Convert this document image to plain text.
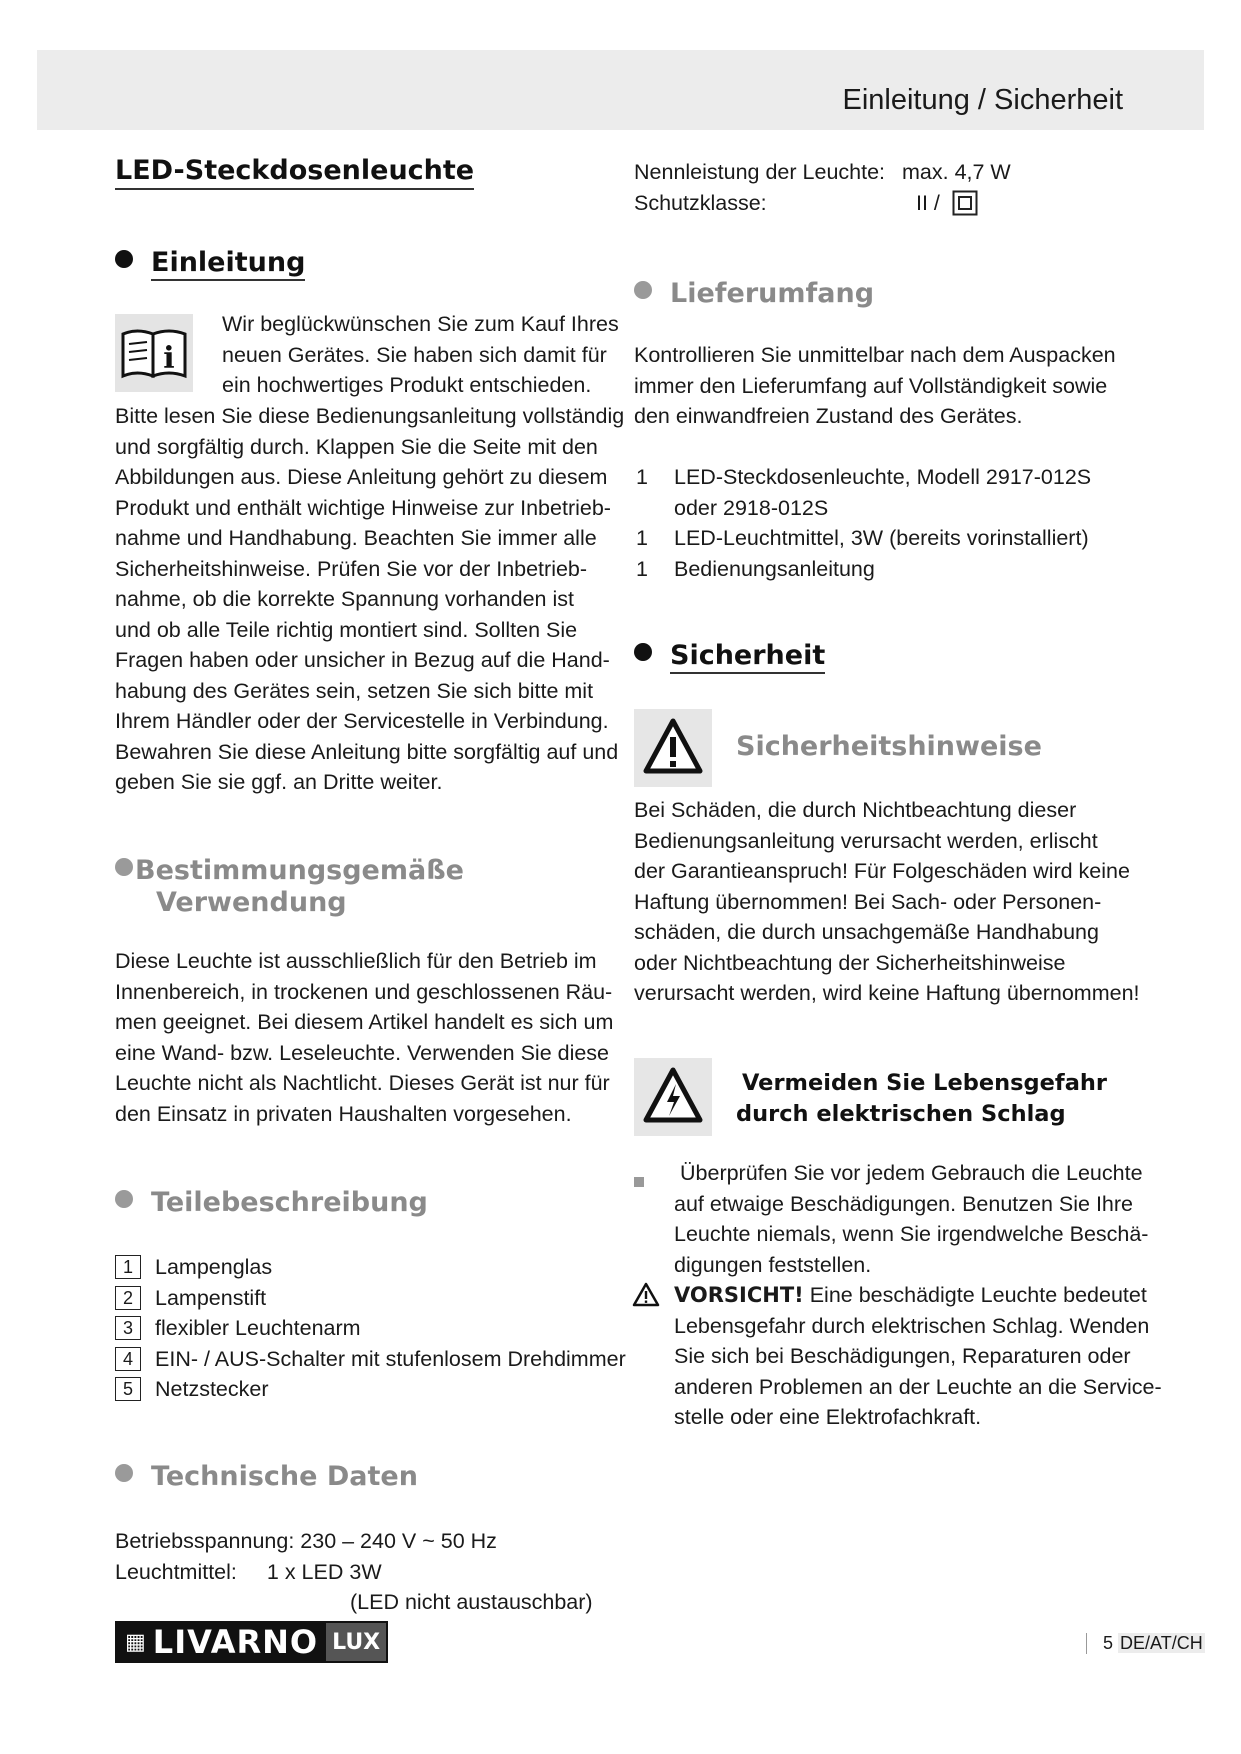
Einleitung / Sicherheit
LED-Steckdosenleuchte
Einleitung
i

Wir beglückwünschen Sie zum Kauf Ihres

neuen Gerätes. Sie haben sich damit für

ein hochwertiges Produkt entschieden.

Bitte lesen Sie diese Bedienungsanleitung vollständig

und sorgfältig durch. Klappen Sie die Seite mit den

Abbildungen aus. Diese Anleitung gehört zu diesem

Produkt und enthält wichtige Hinweise zur Inbetrieb-

nahme und Handhabung. Beachten Sie immer alle

Sicherheitshinweise. Prüfen Sie vor der Inbetrieb-

nahme, ob die korrekte Spannung vorhanden ist

und ob alle Teile richtig montiert sind. Sollten Sie

Fragen haben oder unsicher in Bezug auf die Hand-

habung des Gerätes sein, setzen Sie sich bitte mit

Ihrem Händler oder der Servicestelle in Verbindung.

Bewahren Sie diese Anleitung bitte sorgfältig auf und

geben Sie sie ggf. an Dritte weiter.

Bestimmungsgemäße
Verwendung

Diese Leuchte ist ausschließlich für den Betrieb im

Innenbereich, in trockenen und geschlossenen Räu-

men geeignet. Bei diesem Artikel handelt es sich um

eine Wand- bzw. Leseleuchte. Verwenden Sie diese

Leuchte nicht als Nachtlicht. Dieses Gerät ist nur für

den Einsatz in privaten Haushalten vorgesehen.

Teilebeschreibung
1	Lampenglas
2	Lampenstift
3	flexibler Leuchtenarm
4	EIN- / AUS-Schalter mit stufenlosem Drehdimmer
5	Netzstecker
Technische Daten

Betriebsspannung: 230 – 240 V ~ 50 Hz

Leuchtmittel: 1 x LED 3W

(LED nicht austauschbar)

Nennleistung der Leuchte: max. 4,7 W
Schutzklasse:	II /
Lieferumfang

Kontrollieren Sie unmittelbar nach dem Auspacken

immer den Lieferumfang auf Vollständigkeit sowie

den einwandfreien Zustand des Gerätes.

1	LED-Steckdosenleuchte, Modell 2917-012S
oder 2918-012S
1	LED-Leuchtmittel, 3W (bereits vorinstalliert)
1	Bedienungsanleitung
Sicherheit
Sicherheitshinweise

Bei Schäden, die durch Nichtbeachtung dieser

Bedienungsanleitung verursacht werden, erlischt

der Garantieanspruch! Für Folgeschäden wird keine

Haftung übernommen! Bei Sach- oder Personen-

schäden, die durch unsachgemäße Handhabung

oder Nichtbeachtung der Sicherheitshinweise

verursacht werden, wird keine Haftung übernommen!

Vermeiden Sie Lebensgefahr
durch elektrischen Schlag

Überprüfen Sie vor jedem Gebrauch die Leuchte

auf etwaige Beschädigungen. Benutzen Sie Ihre

Leuchte niemals, wenn Sie irgendwelche Beschä-

digungen feststellen.

VORSICHT! Eine beschädigte Leuchte bedeutet

Lebensgefahr durch elektrischen Schlag. Wenden

Sie sich bei Beschädigungen, Reparaturen oder

anderen Problemen an der Leuchte an die Service-

stelle oder eine Elektrofachkraft.

▦ LIVARNO LUX	5 DE/AT/CH
